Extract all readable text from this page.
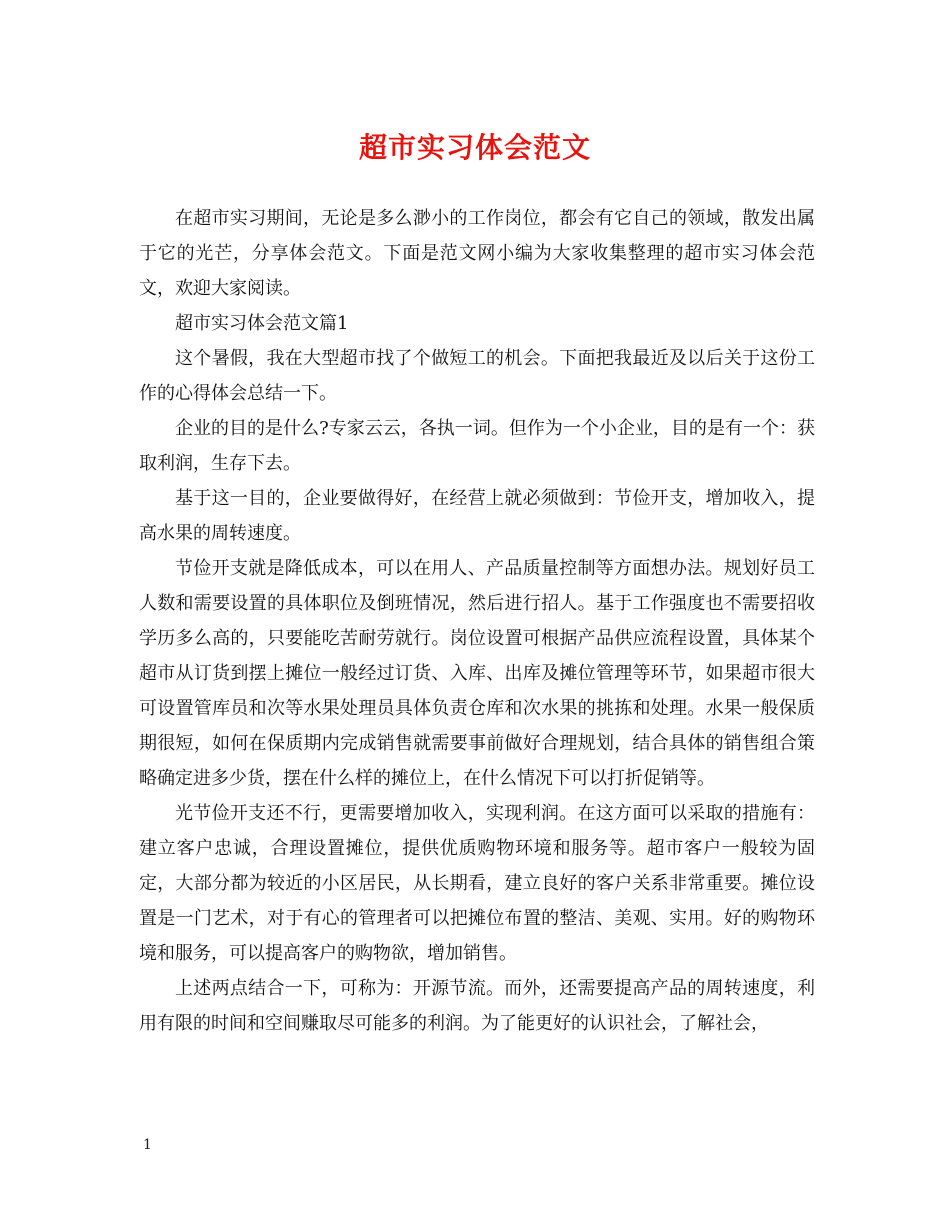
超市实习体会范文

在超市实习期间，无论是多么渺小的工作岗位，都会有它自己的领域，散发出属于它的光芒，分享体会范文。下面是范文网小编为大家收集整理的超市实习体会范文，欢迎大家阅读。

超市实习体会范文篇1

这个暑假，我在大型超市找了个做短工的机会。下面把我最近及以后关于这份工作的心得体会总结一下。

企业的目的是什么?专家云云，各执一词。但作为一个小企业，目的是有一个：获取利润，生存下去。

基于这一目的，企业要做得好，在经营上就必须做到：节俭开支，增加收入，提高水果的周转速度。

节俭开支就是降低成本，可以在用人、产品质量控制等方面想办法。规划好员工人数和需要设置的具体职位及倒班情况，然后进行招人。基于工作强度也不需要招收学历多么高的，只要能吃苦耐劳就行。岗位设置可根据产品供应流程设置，具体某个超市从订货到摆上摊位一般经过订货、入库、出库及摊位管理等环节，如果超市很大可设置管库员和次等水果处理员具体负责仓库和次水果的挑拣和处理。水果一般保质期很短，如何在保质期内完成销售就需要事前做好合理规划，结合具体的销售组合策略确定进多少货，摆在什么样的摊位上，在什么情况下可以打折促销等。

光节俭开支还不行，更需要增加收入，实现利润。在这方面可以采取的措施有：建立客户忠诚，合理设置摊位，提供优质购物环境和服务等。超市客户一般较为固定，大部分都为较近的小区居民，从长期看，建立良好的客户关系非常重要。摊位设置是一门艺术，对于有心的管理者可以把摊位布置的整洁、美观、实用。好的购物环境和服务，可以提高客户的购物欲，增加销售。

上述两点结合一下，可称为：开源节流。而外，还需要提高产品的周转速度，利用有限的时间和空间赚取尽可能多的利润。为了能更好的认识社会，了解社会，

1
